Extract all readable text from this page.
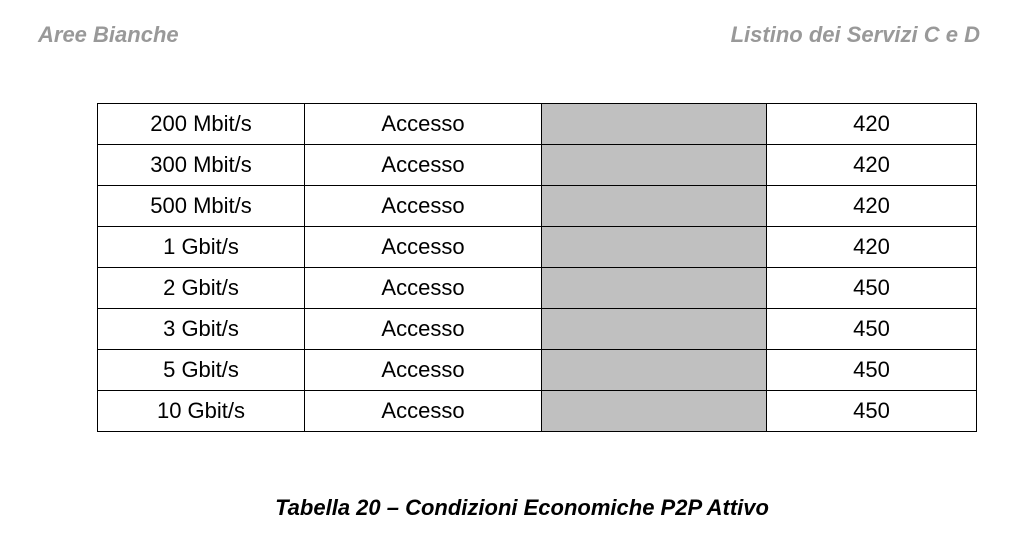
Aree Bianche	Listino dei Servizi C e D
200 Mbit/s	Accesso		420
300 Mbit/s	Accesso		420
500 Mbit/s	Accesso		420
1 Gbit/s	Accesso		420
2 Gbit/s	Accesso		450
3 Gbit/s	Accesso		450
5 Gbit/s	Accesso		450
10 Gbit/s	Accesso		450
Tabella 20 – Condizioni Economiche P2P Attivo
